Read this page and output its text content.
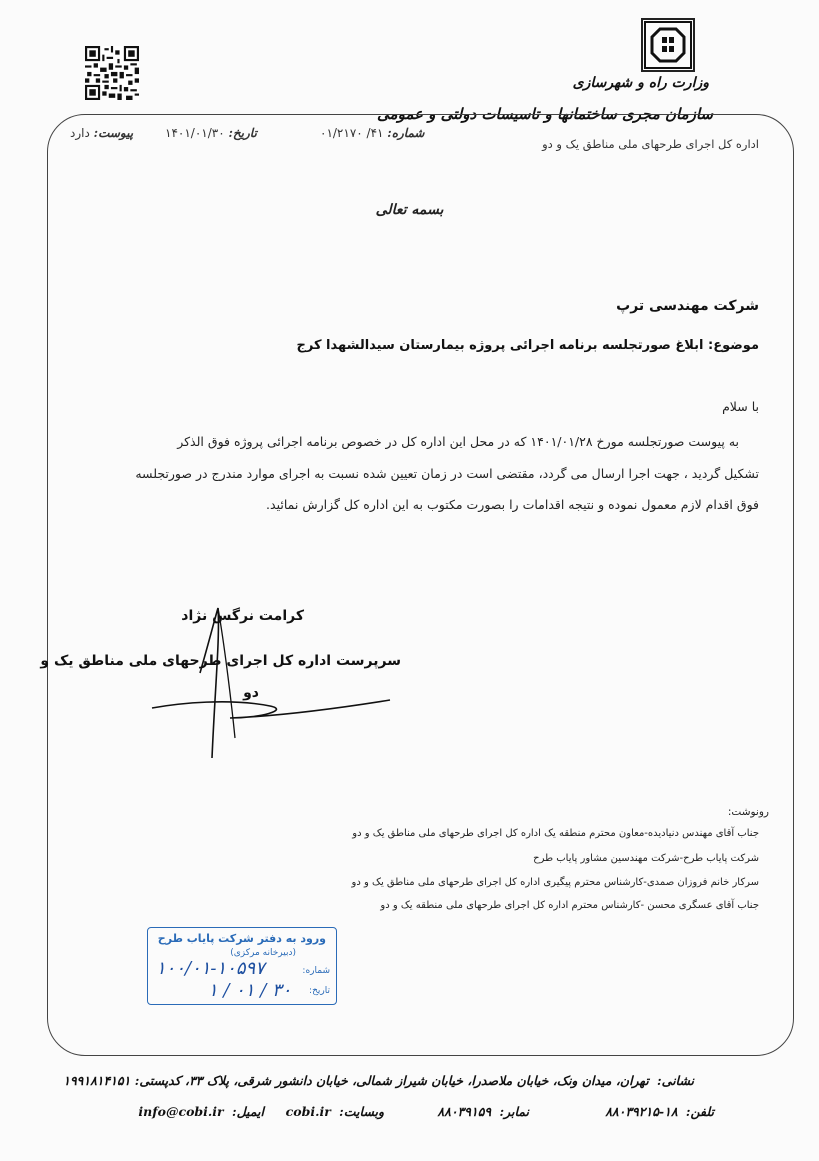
وزارت راه و شهرسازی
سازمان مجری ساختمانها و تاسیسات دولتی و عمومی
اداره کل اجرای طرحهای ملی مناطق یک و دو
شماره: ۴۱/ ۰۱/۲۱۷۰
تاریخ: ۱۴۰۱/۰۱/۳۰
پیوست: دارد
بسمه تعالی
شرکت مهندسی ترپ
موضوع: ابلاغ صورتجلسه برنامه اجرائی پروژه بیمارستان سیدالشهدا کرج
با سلام
به پیوست صورتجلسه مورخ ۱۴۰۱/۰۱/۲۸ که در محل این اداره کل در خصوص برنامه اجرائی پروژه فوق الذکر
تشکیل گردید ، جهت اجرا ارسال می گردد، مقتضی است در زمان تعیین شده نسبت به اجرای موارد مندرج در صورتجلسه
فوق اقدام لازم معمول نموده و نتیجه اقدامات را بصورت مکتوب به این اداره کل گزارش نمائید.
کرامت نرگس نژاد
سرپرست اداره کل اجرای طرحهای ملی مناطق یک و
دو
رونوشت:
جناب آقای مهندس دنیادیده-معاون محترم منطقه یک اداره کل اجرای طرحهای ملی مناطق یک و دو
شرکت پایاب طرح-شرکت مهندسین مشاور پایاب طرح
سرکار خانم فروزان صمدی-کارشناس محترم پیگیری اداره کل اجرای طرحهای ملی مناطق یک و دو
جناب آقای عسگری محسن -کارشناس محترم اداره کل اجرای طرحهای ملی منطقه یک و دو
ورود به دفتر شرکت پایاب طرح
(دبیرخانه مرکزی)
شماره:
تاریخ:
۱۰۰/۰۱-۱۰۵۹۷
۱ / ۰۱ / ۳۰
نشانی: تهران، میدان ونک، خیابان ملاصدرا، خیابان شیراز شمالی، خیابان دانشور شرقی، پلاک ۳۳، کدپستی: ۱۹۹۱۸۱۴۱۵۱
تلفن: ۱۸-۸۸۰۳۹۲۱۵
نمابر: ۸۸۰۳۹۱۵۹
وبسایت: cobi.ir
ایمیل: info@cobi.ir
